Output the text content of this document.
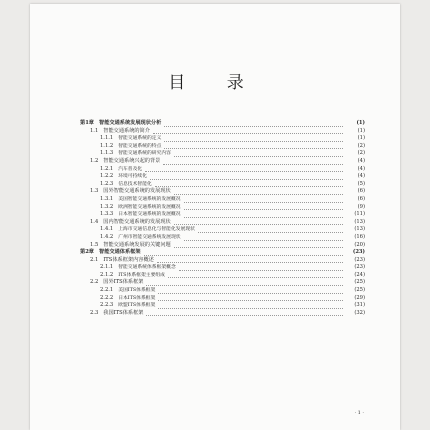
目 录
第1章 智能交通系统发展现状分析	(1)
1.1 智能交通系统的简介	(1)
1.1.1 智能交通系统的定义	(1)
1.1.2 智能交通系统的特点	(2)
1.1.3 智能交通系统的研究内容	(2)
1.2 智能交通系统兴起的背景	(4)
1.2.1 汽车普及化	(4)
1.2.2 环境可持续化	(4)
1.2.3 信息技术智能化	(5)
1.3 国外智能交通系统的发展现状	(6)
1.3.1 美国智能交通系统的发展概况	(6)
1.3.2 欧洲智能交通系统的发展概况	(9)
1.3.3 日本智能交通系统的发展概况	(11)
1.4 国内智能交通系统的发展现状	(13)
1.4.1 上海市交通信息化与智能化发展现状	(13)
1.4.2 广州市智能交通系统发展现状	(16)
1.5 智能交通系统发展的关键问题	(20)
第2章 智能交通体系框架	(23)
2.1 ITS体系框架内容概述	(23)
2.1.1 智能交通系统体系框架概念	(23)
2.1.2 ITS体系框架主要组成	(24)
2.2 国外ITS体系框架	(25)
2.2.1 美国ITS体系框架	(25)
2.2.2 日本ITS体系框架	(29)
2.2.3 欧盟ITS体系框架	(31)
2.3 我国ITS体系框架	(32)
· 1 ·
